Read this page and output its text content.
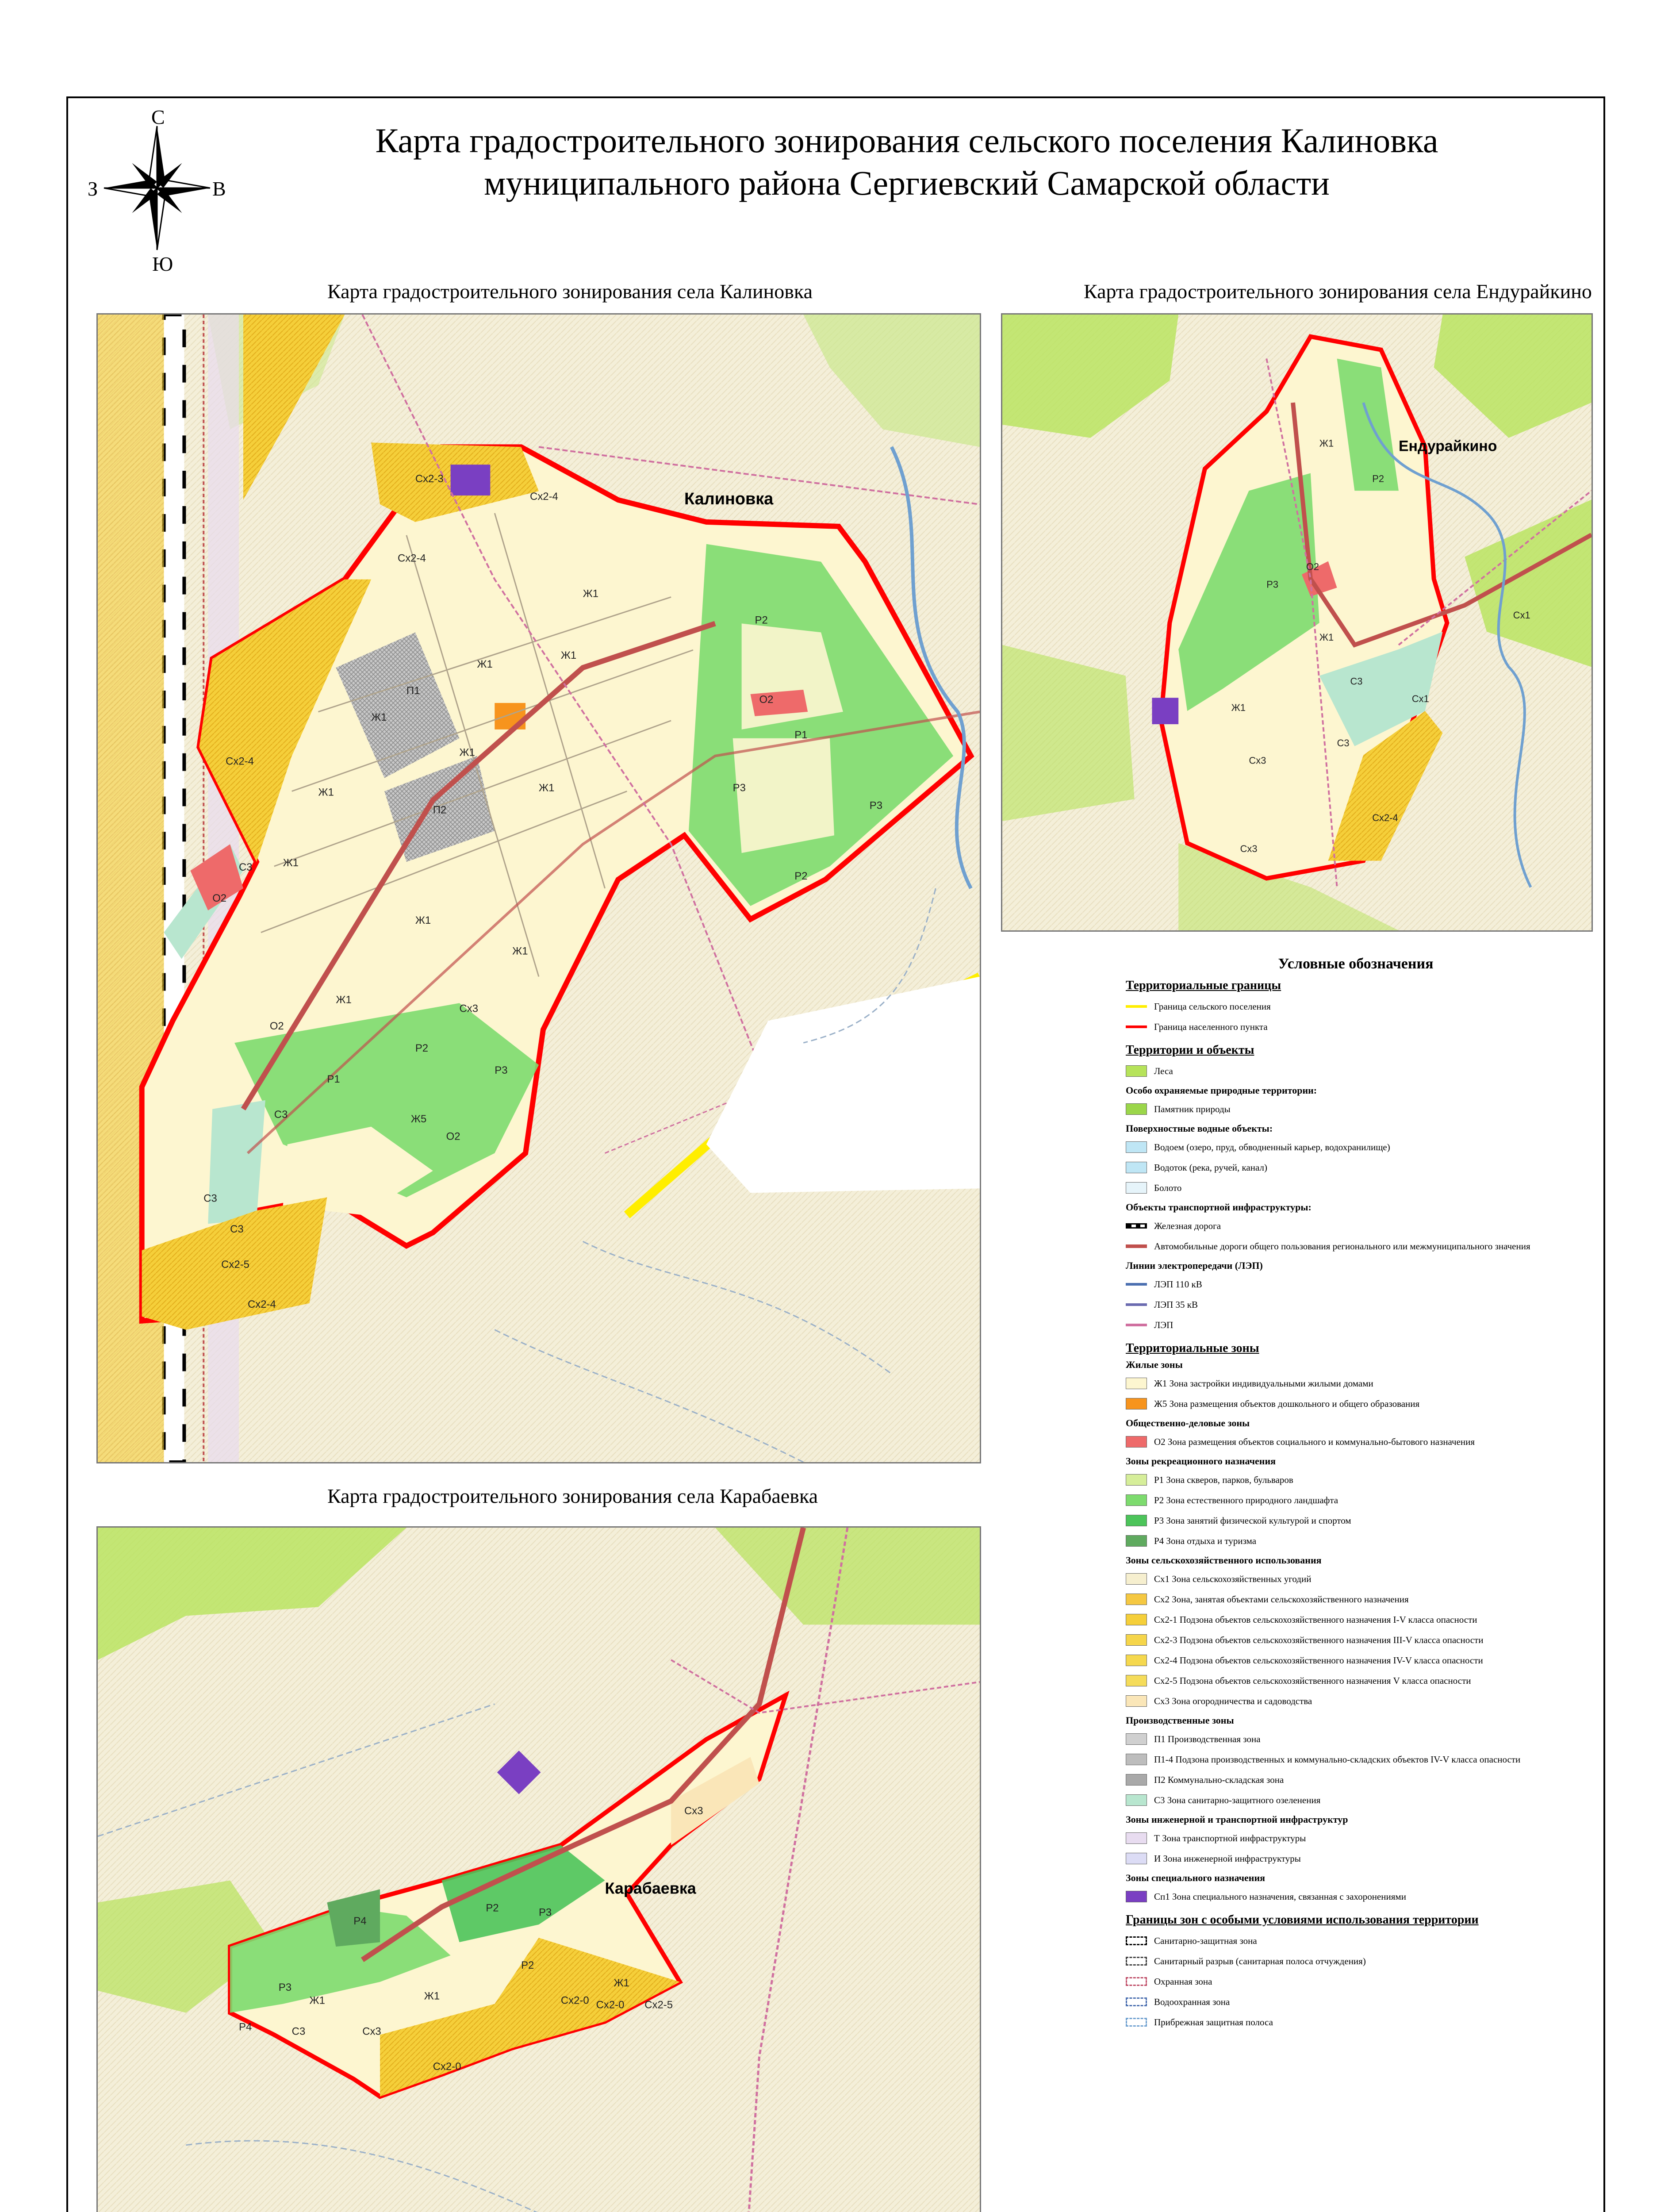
С
Ю
З	В
Карта градостроительного зонирования сельского поселения Калиновка
муниципального района Сергиевский Самарской области
Карта градостроительного зонирования села Калиновка	Карта градостроительного зонирования села Ендурайкино
Карта градостроительного зонирования села Карабаевка
Калиновка
Сх2-3
Сх2-4
Сх2-4
Ж1
Ж1
Ж1
Ж1
Ж1
Ж1	Ж1
Ж1
Ж1
Ж1
Ж1
П1
П2
С3
С3
С3
Сх2-4
О2
О2
О2
Р2
Р2
Р3
Р3
Р1
Р1
Р2
Р3
Ж5
О2
Сх3
С3
Сх2-5
Сх2-4
Ендурайкино
Ж1
Р2
Р3
О2
Ж1
С3
Сх1
Сх1
С3
Сх2-4
Сх3
Сх3
Ж1
Карабаевка
Р4
Р2	Р3
Р2
Ж1
Ж1	Сх2-0 Сх2-0 Сх2-5
Сх3
Ж1
Р3
Р4	С3	Сх3
Сх2-0
Условные обозначения
Территориальные границы
Граница сельского поселения
Граница населенного пункта
Территории и объекты
Леса
Особо охраняемые природные территории:
Памятник природы
Поверхностные водные объекты:
Водоем (озеро, пруд, обводненный карьер, водохранилище)
Водоток (река, ручей, канал)
Болото
Объекты транспортной инфраструктуры:
Железная дорога
Автомобильные дороги общего пользования регионального или межмуниципального значения
Линии электропередачи (ЛЭП)
ЛЭП 110 кВ
ЛЭП 35 кВ
ЛЭП
Территориальные зоны
Жилые зоны
Ж1 Зона застройки индивидуальными жилыми домами
Ж5 Зона размещения объектов дошкольного и общего образования
Общественно-деловые зоны
О2 Зона размещения объектов социального и коммунально-бытового назначения
Зоны рекреационного назначения
Р1 Зона скверов, парков, бульваров
Р2 Зона естественного природного ландшафта
Р3 Зона занятий физической культурой и спортом
Р4 Зона отдыха и туризма
Зоны сельскохозяйственного использования
Сх1 Зона сельскохозяйственных угодий
Сх2 Зона, занятая объектами сельскохозяйственного назначения
Сх2-1 Подзона объектов сельскохозяйственного назначения I-V класса опасности
Сх2-3 Подзона объектов сельскохозяйственного назначения III-V класса опасности
Сх2-4 Подзона объектов сельскохозяйственного назначения IV-V класса опасности
Сх2-5 Подзона объектов сельскохозяйственного назначения V класса опасности
Сх3 Зона огородничества и садоводства
Производственные зоны
П1 Производственная зона
П1-4 Подзона производственных и коммунально-складских объектов IV-V класса опасности
П2 Коммунально-складская зона
С3 Зона санитарно-защитного озеленения
Зоны инженерной и транспортной инфраструктур
Т Зона транспортной инфраструктуры
И Зона инженерной инфраструктуры
Зоны специального назначения
Сп1 Зона специального назначения, связанная с захоронениями
Границы зон с особыми условиями использования территории
Санитарно-защитная зона
Санитарный разрыв (санитарная полоса отчуждения)
Охранная зона
Водоохранная зона
Прибрежная защитная полоса
